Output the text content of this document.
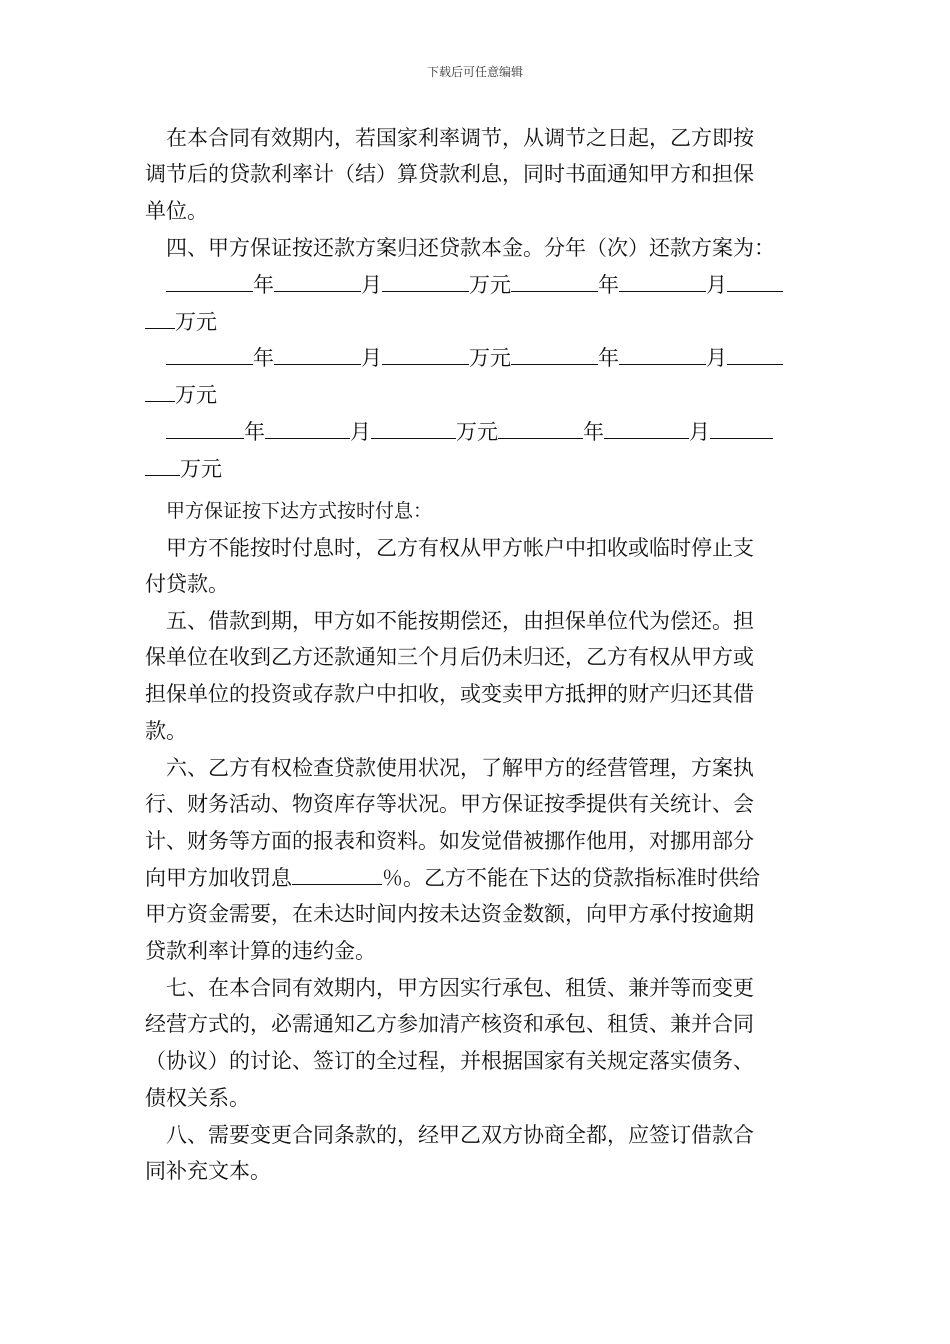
下载后可任意编辑
在本合同有效期内，若国家利率调节，从调节之日起，乙方即按
调节后的贷款利率计（结）算贷款利息，同时书面通知甲方和担保
单位。
四、甲方保证按还款方案归还贷款本金。分年（次）还款方案为：
年	月	万元	年	月
万元
年	月	万元	年	月
万元
年	月	万元	年	月
万元
甲方保证按下达方式按时付息：
甲方不能按时付息时，乙方有权从甲方帐户中扣收或临时停止支
付贷款。
五、借款到期，甲方如不能按期偿还，由担保单位代为偿还。担
保单位在收到乙方还款通知三个月后仍未归还，乙方有权从甲方或
担保单位的投资或存款户中扣收，或变卖甲方抵押的财产归还其借
款。
六、乙方有权检查贷款使用状况，了解甲方的经营管理，方案执
行、财务活动、物资库存等状况。甲方保证按季提供有关统计、会
计、财务等方面的报表和资料。如发觉借被挪作他用，对挪用部分
向甲方加收罚息	％。乙方不能在下达的贷款指标准时供给
甲方资金需要，在未达时间内按未达资金数额，向甲方承付按逾期
贷款利率计算的违约金。
七、在本合同有效期内，甲方因实行承包、租赁、兼并等而变更
经营方式的，必需通知乙方参加清产核资和承包、租赁、兼并合同
（协议）的讨论、签订的全过程，并根据国家有关规定落实债务、
债权关系。
八、需要变更合同条款的，经甲乙双方协商全都，应签订借款合
同补充文本。
